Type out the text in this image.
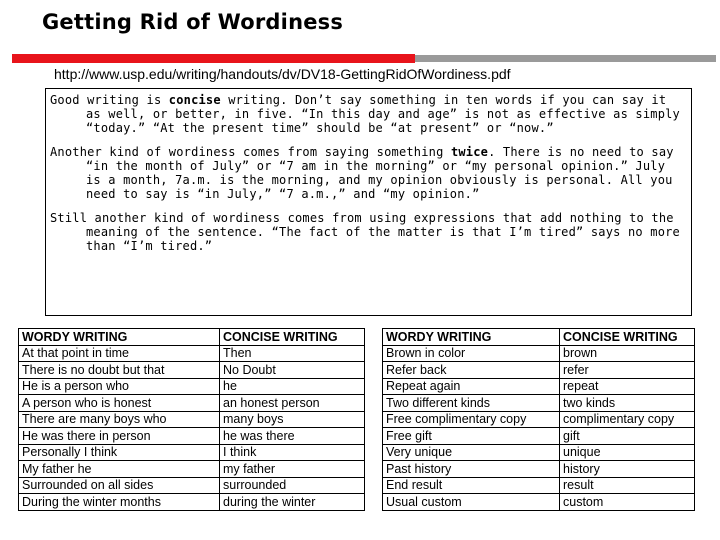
Getting Rid of Wordiness
http://www.usp.edu/writing/handouts/dv/DV18-GettingRidOfWordiness.pdf

Good writing is concise writing. Don’t say something in ten words if you can say it as well, or better, in five. “In this day and age” is not as effective as simply “today.” “At the present time” should be “at present” or “now.”

Another kind of wordiness comes from saying something twice. There is no need to say “in the month of July” or “7 am in the morning” or “my personal opinion.” July is a month, 7a.m. is the morning, and my opinion obviously is personal. All you need to say is “in July,” “7 a.m.,” and “my opinion.”

Still another kind of wordiness comes from using expressions that add nothing to the meaning of the sentence. “The fact of the matter is that I’m tired” says no more than “I’m tired.”

WORDY WRITING	CONCISE WRITING
At that point in time	Then
There is no doubt but that	No Doubt
He is a person who	he
A person who is honest	an honest person
There are many boys who	many boys
He was there in person	he was there
Personally I think	I think
My father he	my father
Surrounded on all sides	surrounded
During the winter months	during the winter
WORDY WRITING	CONCISE WRITING
Brown in color	brown
Refer back	refer
Repeat again	repeat
Two different kinds	two kinds
Free complimentary copy	complimentary copy
Free gift	gift
Very unique	unique
Past history	history
End result	result
Usual custom	custom
